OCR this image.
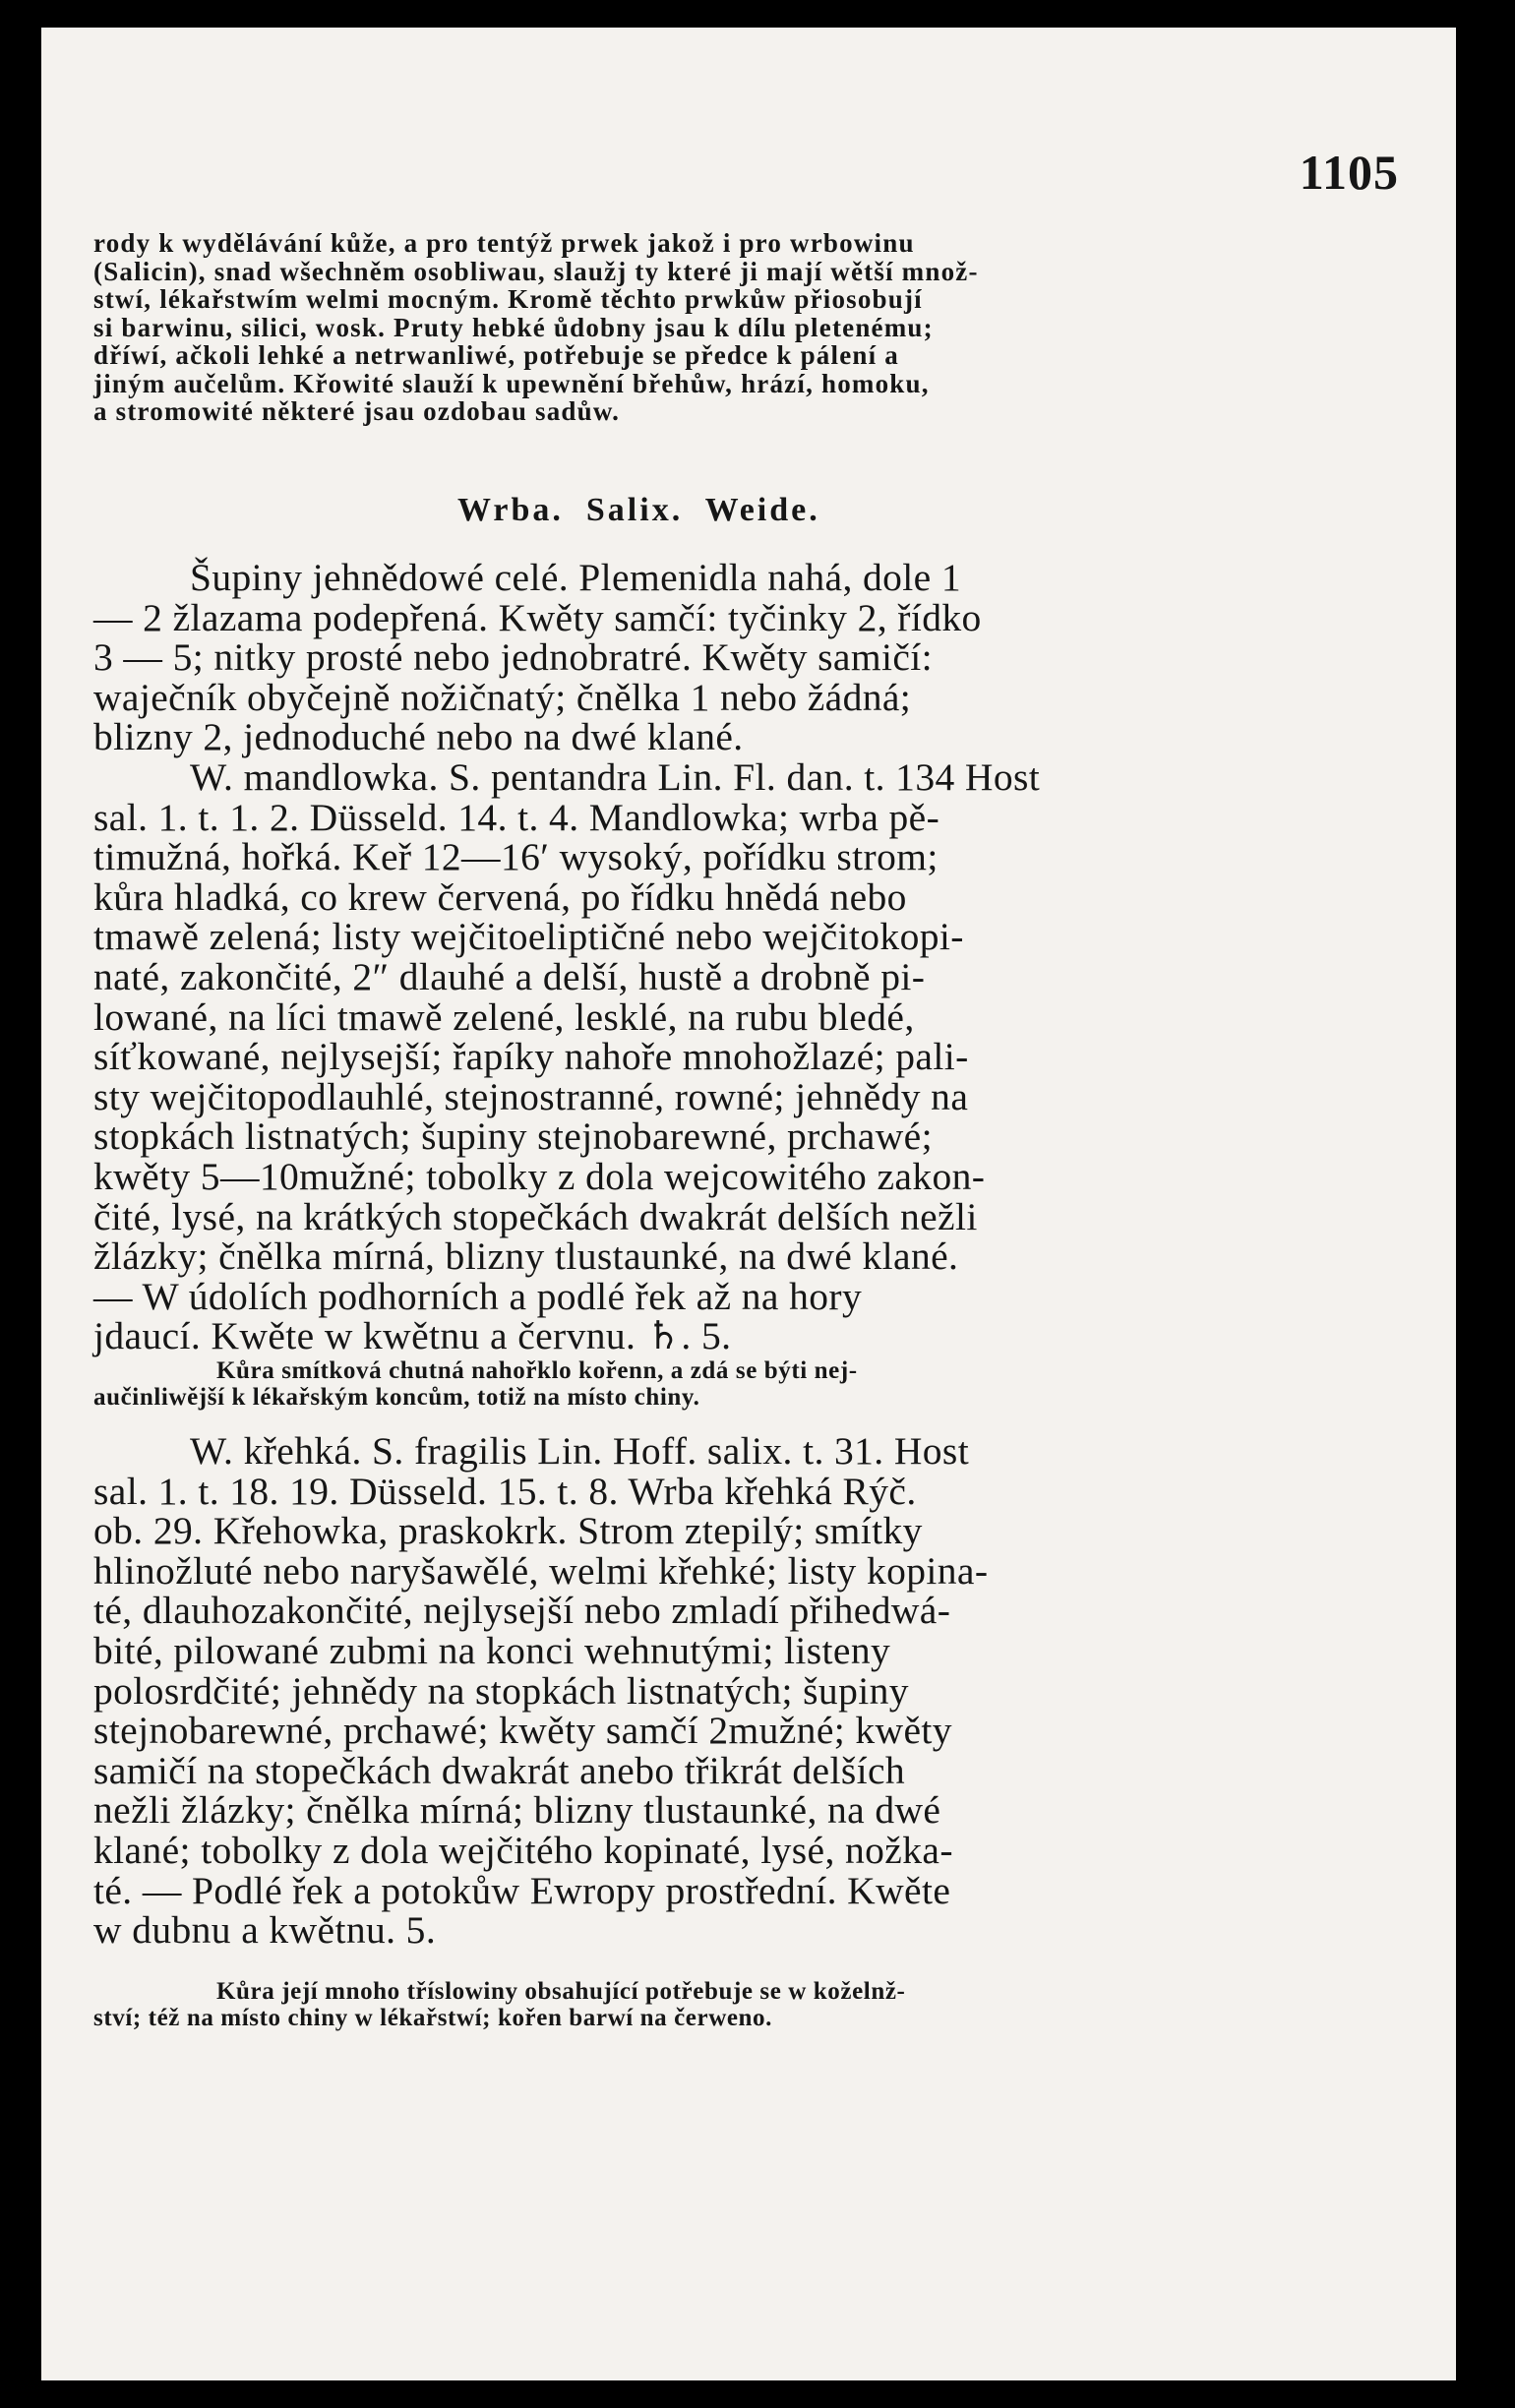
1105
rody k wydělávání kůže, a pro tentýž prwek jakož i pro wrbowinu
(Salicin), snad wšechněm osobliwau, slaužj ty které ji mají wětší množ-
stwí, lékařstwím welmi mocným. Kromě těchto prwkůw přiosobují
si barwinu, silici, wosk. Pruty hebké ůdobny jsau k dílu pletenému;
dříwí, ačkoli lehké a netrwanliwé, potřebuje se předce k pálení a
jiným aučelům. Křowité slauží k upewnění břehůw, hrází, homoku,
a stromowité některé jsau ozdobau sadůw.
Wrba.  Salix.  Weide.
Šupiny jehnědowé celé. Plemenidla nahá, dole 1
— 2 žlazama podepřená. Kwěty samčí: tyčinky 2, řídko
3 — 5; nitky prosté nebo jednobratré. Kwěty samičí:
waječník obyčejně nožičnatý; čnělka 1 nebo žádná;
blizny 2, jednoduché nebo na dwé klané.
W. mandlowka. S. pentandra Lin. Fl. dan. t. 134 Host
sal. 1. t. 1. 2. Düsseld. 14. t. 4. Mandlowka; wrba pě-
timužná, hořká. Keř 12—16′ wysoký, pořídku strom;
kůra hladká, co krew červená, po řídku hnědá nebo
tmawě zelená; listy wejčitoeliptičné nebo wejčitokopi-
naté, zakončité, 2″ dlauhé a delší, hustě a drobně pi-
lowané, na líci tmawě zelené, lesklé, na rubu bledé,
síťkowané, nejlysejší; řapíky nahoře mnohožlazé; pali-
sty wejčitopodlauhlé, stejnostranné, rowné; jehnědy na
stopkách listnatých; šupiny stejnobarewné, prchawé;
kwěty 5—10mužné; tobolky z dola wejcowitého zakon-
čité, lysé, na krátkých stopečkách dwakrát delších nežli
žlázky; čnělka mírná, blizny tlustaunké, na dwé klané.
— W údolích podhorních a podlé řek až na hory
jdaucí. Kwěte w kwětnu a červnu. ♄. 5.
Kůra smítková chutná nahořklo kořenn, a zdá se býti nej-
aučinliwější k lékařským koncům, totiž na místo chiny.
W. křehká. S. fragilis Lin. Hoff. salix. t. 31. Host
sal. 1. t. 18. 19. Düsseld. 15. t. 8. Wrba křehká Rýč.
ob. 29. Křehowka, praskokrk. Strom ztepilý; smítky
hlinožluté nebo naryšawělé, welmi křehké; listy kopina-
té, dlauhozakončité, nejlysejší nebo zmladí přihedwá-
bité, pilowané zubmi na konci wehnutými; listeny
polosrdčité; jehnědy na stopkách listnatých; šupiny
stejnobarewné, prchawé; kwěty samčí 2mužné; kwěty
samičí na stopečkách dwakrát anebo třikrát delších
nežli žlázky; čnělka mírná; blizny tlustaunké, na dwé
klané; tobolky z dola wejčitého kopinaté, lysé, nožka-
té. — Podlé řek a potokůw Ewropy prostřední. Kwěte
w dubnu a kwětnu. 5.
Kůra její mnoho tříslowiny obsahující potřebuje se w koželnž-
ství; též na místo chiny w lékařstwí; kořen barwí na čerweno.
